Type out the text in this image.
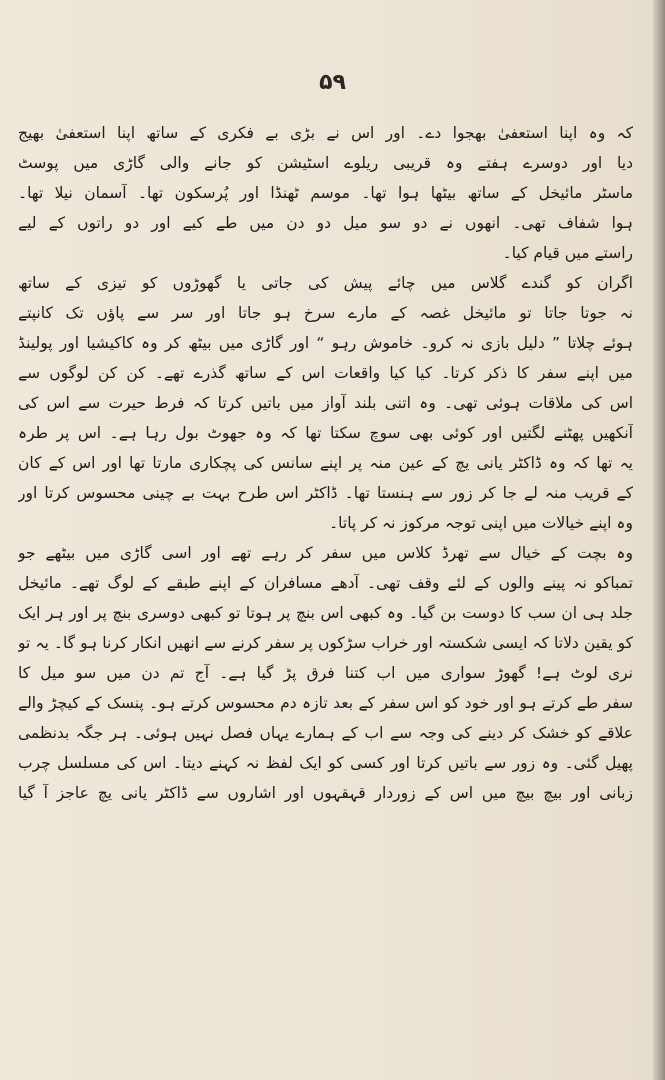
۵۹
کہ وہ اپنا استعفیٰ بھجوا دے۔ اور اس نے بڑی بے فکری کے ساتھ اپنا استعفیٰ بھیج
دیا اور دوسرے ہفتے وہ قریبی ریلوے اسٹیشن کو جانے والی گاڑی میں پوسٹ
ماسٹر مائیخل کے ساتھ بیٹھا ہوا تھا۔ موسم ٹھنڈا اور پُرسکون تھا۔ آسمان نیلا تھا۔
ہوا شفاف تھی۔ انھوں نے دو سو میل دو دن میں طے کیے اور دو راتوں کے لیے
راستے میں قیام کیا۔
اگران کو گندے گلاس میں چائے پیش کی جاتی یا گھوڑوں کو تیزی کے ساتھ
نہ جوتا جاتا تو مائیخل غصہ کے مارے سرخ ہو جاتا اور سر سے پاؤں تک کانپتے
ہوئے چلاتا ” دلیل بازی نہ کرو۔ خاموش رہو “ اور گاڑی میں بیٹھ کر وہ کاکیشیا اور پولینڈ
میں اپنے سفر کا ذکر کرتا۔ کیا کیا واقعات اس کے ساتھ گذرے تھے۔ کن کن لوگوں سے
اس کی ملاقات ہوئی تھی۔ وہ اتنی بلند آواز میں باتیں کرتا کہ فرط حیرت سے اس کی
آنکھیں پھٹنے لگتیں اور کوئی بھی سوچ سکتا تھا کہ وہ جھوٹ بول رہا ہے۔ اس پر طرہ
یہ تھا کہ وہ ڈاکٹر یانی یچ کے عین منہ پر اپنے سانس کی پچکاری مارتا تھا اور اس کے کان
کے قریب منہ لے جا کر زور سے ہنستا تھا۔ ڈاکٹر اس طرح بہت بے چینی محسوس کرتا اور
وہ اپنے خیالات میں اپنی توجہ مرکوز نہ کر پاتا۔
وہ بچت کے خیال سے تھرڈ کلاس میں سفر کر رہے تھے اور اسی گاڑی میں بیٹھے جو
تمباکو نہ پینے والوں کے لئے وقف تھی۔ آدھے مسافران کے اپنے طبقے کے لوگ تھے۔ مائیخل
جلد ہی ان سب کا دوست بن گیا۔ وہ کبھی اس بنچ پر ہوتا تو کبھی دوسری بنچ پر اور ہر ایک
کو یقین دلاتا کہ ایسی شکستہ اور خراب سڑکوں پر سفر کرنے سے انھیں انکار کرنا ہو گا۔ یہ تو
نری لوٹ ہے! گھوڑ سواری میں اب کتنا فرق پڑ گیا ہے۔ آج تم دن میں سو میل کا
سفر طے کرتے ہو اور خود کو اس سفر کے بعد تازہ دم محسوس کرتے ہو۔ پنسک کے کیچڑ والے
علاقے کو خشک کر دینے کی وجہ سے اب کے ہمارے یہاں فصل نہیں ہوئی۔ ہر جگہ بدنظمی
پھیل گئی۔ وہ زور سے باتیں کرتا اور کسی کو ایک لفظ نہ کہنے دیتا۔ اس کی مسلسل چرب
زبانی اور بیچ بیچ میں اس کے زوردار قہقہوں اور اشاروں سے ڈاکٹر یانی یچ عاجز آ گیا
